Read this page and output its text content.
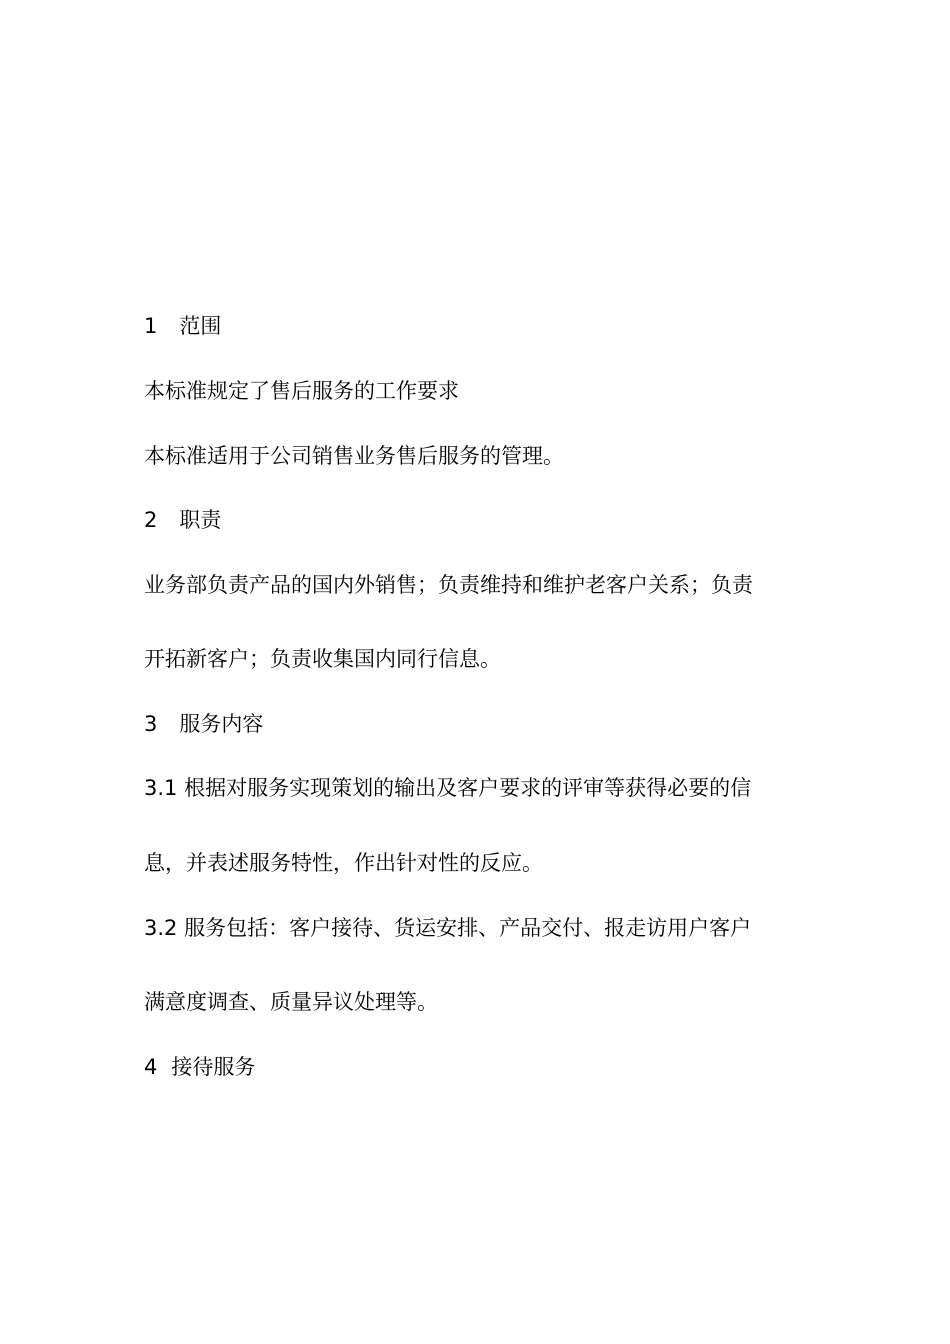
1 范围
本标准规定了售后服务的工作要求
本标准适用于公司销售业务售后服务的管理。
2 职责
业务部负责产品的国内外销售；负责维持和维护老客户关系；负责
开拓新客户；负责收集国内同行信息。
3 服务内容
3.1 根据对服务实现策划的输出及客户要求的评审等获得必要的信
息，并表述服务特性，作出针对性的反应。
3.2 服务包括：客户接待、货运安排、产品交付、报走访用户客户
满意度调查、质量异议处理等。
4 接待服务
